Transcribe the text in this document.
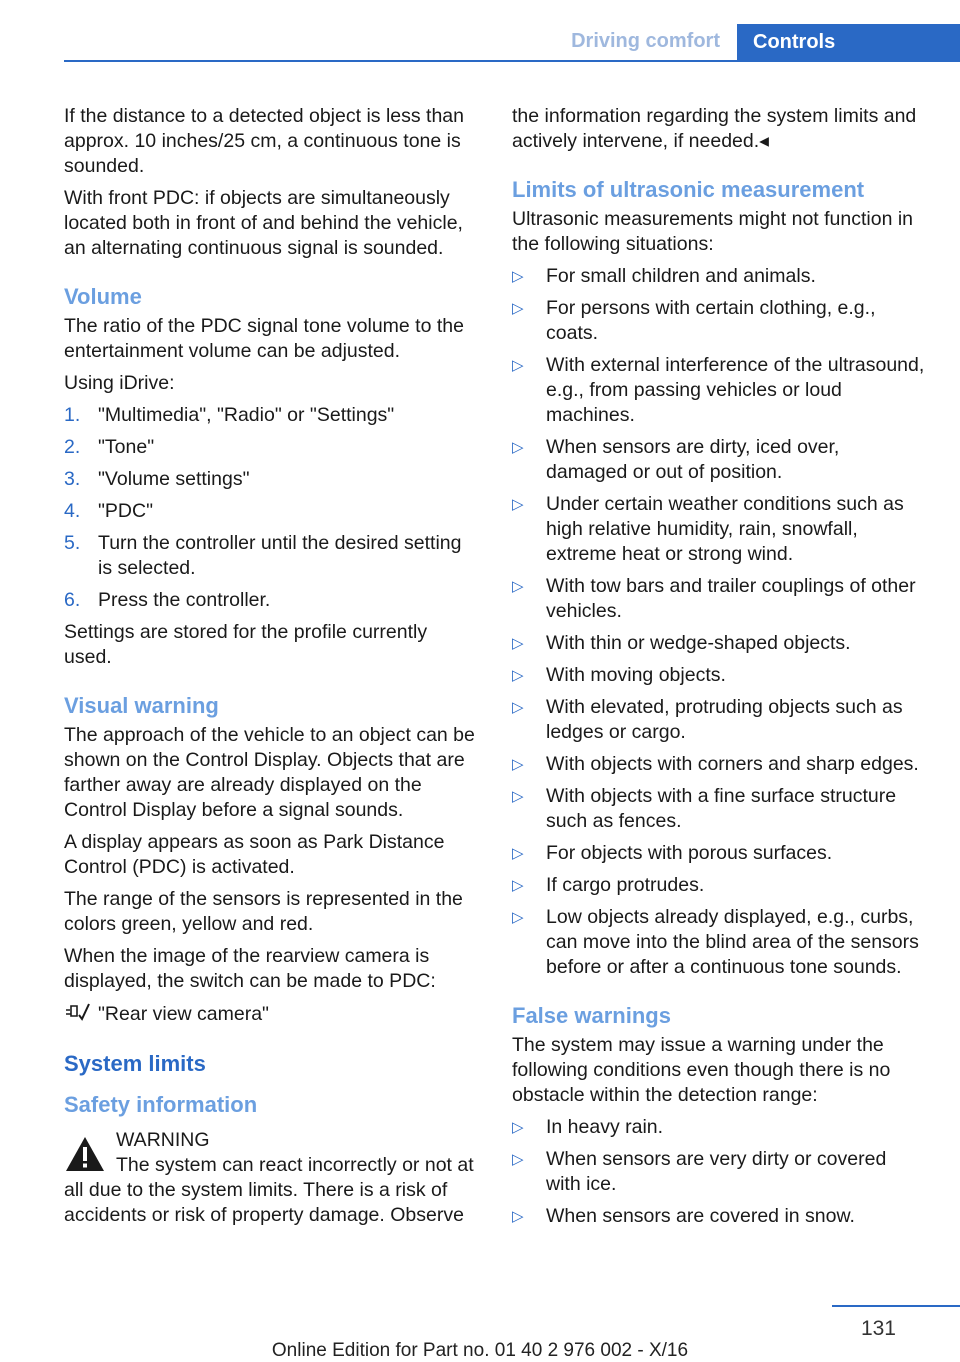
Driving comfort	Controls

If the distance to a detected object is less than approx. 10 inches/25 cm, a continuous tone is sounded.

With front PDC: if objects are simultaneously located both in front of and behind the vehicle, an alternating continuous signal is sounded.

Volume

The ratio of the PDC signal tone volume to the entertainment volume can be adjusted.

Using iDrive:

1. "Multimedia", "Radio" or "Settings"
2. "Tone"
3. "Volume settings"
4. "PDC"
5. Turn the controller until the desired setting is selected.
6. Press the controller.

Settings are stored for the profile currently used.

Visual warning

The approach of the vehicle to an object can be shown on the Control Display. Objects that are farther away are already displayed on the Control Display before a signal sounds.

A display appears as soon as Park Distance Control (PDC) is activated.

The range of the sensors is represented in the colors green, yellow and red.

When the image of the rearview camera is displayed, the switch can be made to PDC:

"Rear view camera"
System limits
Safety information
WARNING
The system can react incorrectly or not at all due to the system limits. There is a risk of accidents or risk of property damage. Observe

the information regarding the system limits and actively intervene, if needed.◂

Limits of ultrasonic measurement

Ultrasonic measurements might not function in the following situations:

▷	For small children and animals.
▷	For persons with certain clothing, e.g., coats.
▷	With external interference of the ultrasound, e.g., from passing vehicles or loud machines.
▷	When sensors are dirty, iced over, damaged or out of position.
▷	Under certain weather conditions such as high relative humidity, rain, snowfall, extreme heat or strong wind.
▷	With tow bars and trailer couplings of other vehicles.
▷	With thin or wedge-shaped objects.
▷	With moving objects.
▷	With elevated, protruding objects such as ledges or cargo.
▷	With objects with corners and sharp edges.
▷	With objects with a fine surface structure such as fences.
▷	For objects with porous surfaces.
▷	If cargo protrudes.
▷	Low objects already displayed, e.g., curbs, can move into the blind area of the sensors before or after a continuous tone sounds.
False warnings

The system may issue a warning under the following conditions even though there is no obstacle within the detection range:

▷	In heavy rain.
▷	When sensors are very dirty or covered with ice.
▷	When sensors are covered in snow.
131
Online Edition for Part no. 01 40 2 976 002 - X/16
